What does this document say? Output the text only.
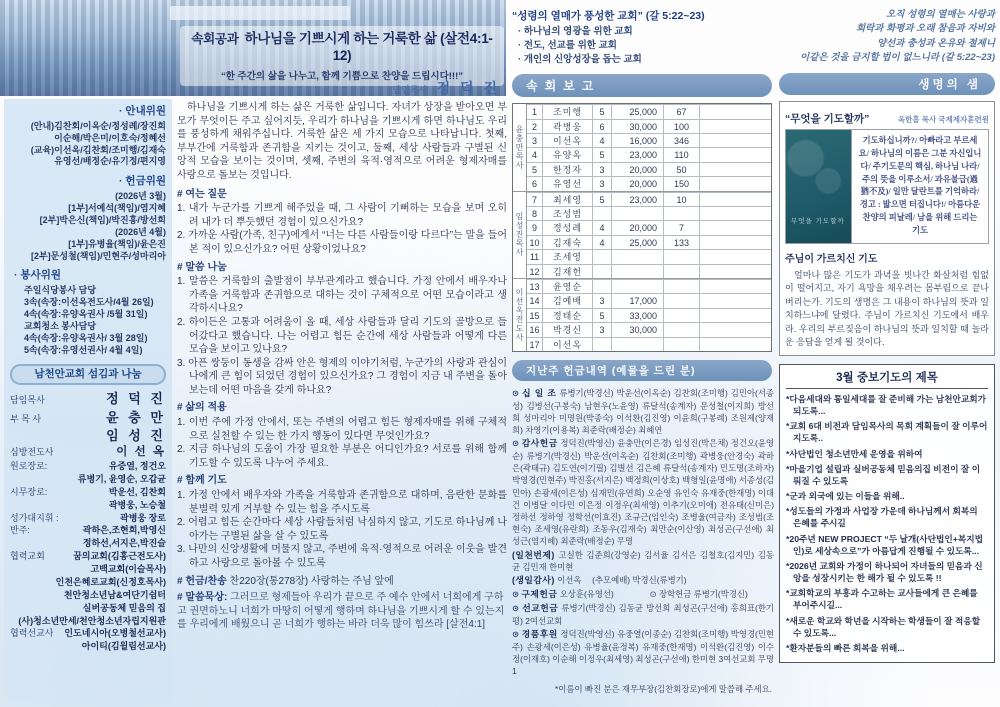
속회공과 하나님을 기쁘시게 하는 거룩한 삶 (살전4:1-12)
“한 주간의 삶을 나누고, 함께 기쁨으로 찬양을 드립시다!!!”
담임목사 정 덕 진
· 안내위원
(안내)김찬회/이옥순/정성례/장진희
이순해/박은미/이호숙/정혜선
(교육)이선옥/김찬회/조미행/김재숙
유영선/배정순/유기정/편지영
· 헌금위원
(2026년 3월)
[1부]서예석(책임)/염지혜
[2부]박은신(책임)/박진홍/방선희
(2026년 4월)
[1부]유병율(책임)/윤은진
[2부]문성철(책임)/민현주/성마리아
· 봉사위원
주일식당봉사 담당
3속(속장:이선옥전도사/4월 26일)
4속(속장:유양옥권사 /5월 31일)
교회청소 봉사담당
4속(속장:유양옥권사/ 3월 28일)
5속(속장:유영선권사/ 4월 4일)
남천안교회 섬김과 나눔
담임목사	정 덕 진
부 목 사	윤 충 만
임 성 진
심방전도사	이 선 옥
원로장로:	유중열, 정건오
류병기, 윤영순, 오갑균
시무장로:	박운선, 김찬회
곽병웅, 노승철
성가대지휘 :	곽병웅 장로
반주:	곽하은,조현희,박영신
정하선,서지은,박진슬
협력교회	꿈의교회(김홍근전도사)
고백교회(이슬목사)
인천은혜로교회(신정호목사)
천안청소년남&여단기쉼터
실버공동체 믿음의 집
(사)청소년만세/천안청소년자립지원관
협력선교사	인도네시아(오병철선교사)
아이티(김윌림선교사)
하나님을 기쁘시게 하는 삶은 거룩한 삶입니다. 자녀가 상장을 받아오면 부모가 무엇이든 주고 싶어지듯, 우리가 하나님을 기쁘시게 하면 하나님도 우리를 풍성하게 채워주십니다. 거룩한 삶은 세 가지 모습으로 나타납니다. 첫째, 부부간에 거룩함과 존귀함을 지키는 것이고, 둘째, 세상 사람들과 구별된 신앙적 모습을 보이는 것이며, 셋째, 주변의 육적·영적으로 어려운 형제자매를 사랑으로 돌보는 것입니다.
# 여는 질문
1. 내가 누군가를 기쁘게 해주었을 때, 그 사람이 기뻐하는 모습을 보며 오히려 내가 더 뿌듯했던 경험이 있으신가요?
2. 가까운 사람(가족, 친구)에게서 “너는 다른 사람들이랑 다르다”는 말을 들어본 적이 있으신가요? 어떤 상황이었나요?
# 말씀 나눔
1. 말씀은 거룩함의 출발점이 부부관계라고 했습니다. 가정 안에서 배우자나 가족을 거룩함과 존귀함으로 대하는 것이 구체적으로 어떤 모습이라고 생각하시나요?
2. 하이든은 고통과 어려움이 올 때, 세상 사람들과 달리 기도의 골방으로 들어갔다고 했습니다. 나는 어렵고 힘든 순간에 세상 사람들과 어떻게 다른 모습을 보이고 있나요?
3. 아픈 쌍둥이 동생을 감싸 안은 형제의 이야기처럼, 누군가의 사랑과 관심이 나에게 큰 힘이 되었던 경험이 있으신가요? 그 경험이 지금 내 주변을 돌아보는데 어떤 마음을 갖게 하나요?
# 삶의 적용
1. 이번 주에 가정 안에서, 또는 주변의 어렵고 힘든 형제자매를 위해 구체적으로 실천할 수 있는 한 가지 행동이 있다면 무엇인가요?
2. 지금 하나님의 도움이 가장 필요한 부분은 어디인가요? 서로를 위해 함께 기도할 수 있도록 나누어 주세요.
# 함께 기도
1. 가정 안에서 배우자와 가족을 거룩함과 존귀함으로 대하며, 음란한 문화를 분별력 있게 거부할 수 있는 힘을 주시도록
2. 어렵고 힘든 순간마다 세상 사람들처럼 낙심하지 않고, 기도로 하나님께 나아가는 구별된 삶을 살 수 있도록
3. 나만의 신앙생활에 머물지 않고, 주변에 육적·영적으로 어려운 이웃을 발견하고 사랑으로 돌아볼 수 있도록
# 헌금/찬송 찬220장(통278장) 사랑하는 주님 앞에
# 말씀묵상: 그러므로 형제들아 우리가 끝으로 주 예수 안에서 너희에게 구하고 권면하노니 너희가 마땅히 어떻게 행하며 하나님을 기쁘시게 할 수 있는지를 우리에게 배웠으니 곧 너희가 행하는 바라 더욱 많이 힘쓰라 [살전4:1]
“성령의 열매가 풍성한 교회” (갈 5:22~23)
· 하나님의 영광을 위한 교회
· 전도, 선교를 위한 교회
· 개인의 신앙성장을 돕는 교회
속회보고
윤충만목사
1	조미행	5	25,000	67
2	곽병웅	6	30,000	100
3	이선옥	4	16,000	346
4	유양옥	5	23,000	110
5	한정자	3	20,000	50
6	유영선	3	20,000	150
임성진목사
7	최세영	5	23,000	10
8	조성범
9	정성례	4	20,000	7
10	김재숙	4	25,000	133
11	조세영
12	김재헌
이선옥전도사
13	윤영순
14	김예배	3	17,000
15	정태순	5	33,000
16	박경신	3	30,000
17	이선옥
지난주 헌금내역 (예물을 드린 분)
⊙ 십 일 조 류병기(박경신) 박운선(이옥순) 김찬회(조미행) 김민아(서종성) 김병선(구봉숙) 남현우(노윤영) 류달석(송계자) 문성철(이지희) 방선희 성마리아 미명원(박종숙) 이석환(김진영) 이윤희(구봉례) 조원제(양재희) 차영기(이용복) 최준락(배정순) 최혜연
⊙ 감사헌금 정덕진(박영신) 윤충만(이은경) 임성진(박은채) 정건오(윤영순) 류병기(박경신) 박운선(이옥순) 김찬회(조미행) 곽병웅(안경숙) 곽하은(곽태규) 김도연(이기필) 김별선 김은혜 류달석(송계자) 민도명(조하자) 박영경(민현주) 박진홍(서지은) 백정희(이상호) 백형일(윤명애) 서종성(김민아) 손광세(이은성) 심재민(유연희) 오순영 유인숙 유재중(한재명) 이대건 이병달 이다민 이은정 이정우(최세영) 이추기(오미애) 전유태(신미은) 정하선 정하영 정학선(이효진) 조규근(임인숙) 조병울(여금자) 조성범(조현숙) 조세영(유란희) 조동우(김재숙) 최만순(이산영) 최성곤(구선애) 최성근(염지혜) 최준락(배정순) 무명
(일천번제) 고실한 김준희(강영순) 김서율 김서은 김철호(김지민) 김동균 김민재 한미현
(생일감사) 이선옥　 (추모예배) 박경신(류병기)
⊙ 구제헌금 오상훈(유영선)　　　　 ⊙ 장학헌금 류병기(박경신)
⊙ 선교헌금 류병기(박경신) 김동균 방선희 최성곤(구선애) 홍희표(한기평) 2여선교회
⊙ 경품후원 정덕진(박영신) 유중열(이종순) 김찬회(조미행) 박영경(민현주) 손광세(이은성) 유병율(윤정복) 유재중(한재명) 이석환(김진영) 이수정(이재호) 이순해 이정우(최세영) 최성곤(구선애) 한미현 3여선교회 무명1
*이름이 빠진 분은 재무부장(김찬회장로)에게 말씀해 주세요.
오직 성령의 열매는 사랑과
희락과 화평과 오래 참음과 자비와
양선과 충성과 온유와 절제니
이같은 것을 금지할 법이 없느니라 (갈 5:22~23)
생명의 샘
“무엇을 기도할까”	옥한흠 목사 국제제자훈련원
무엇을 기도할까
기도하십니까?/ 아빠라고 부르세요/ 하나님의 이름은 그분 자신입니다/ 주기도문의 핵심, 하나님 나라/ 주의 뜻을 이루소서/ 과유불급(過猶不及)/ 일만 달란트를 기억하라/ 경고 : 밟으면 터집니다!/ 아름다운 찬양의 피날레/ 남을 위해 드리는 기도
주님이 가르치신 기도
얼마나 많은 기도가 과녁을 빗나간 화살처럼 힘없이 떨어지고, 자기 욕망을 채우려는 몸부림으로 끝나버리는가. 기도의 생명은 그 내용이 하나님의 뜻과 일치하느냐에 달렸다. 주님이 가르치신 기도에서 배우라. 우리의 부르짖음이 하나님의 뜻과 일치할 때 놀라운 응답을 얻게 될 것이다.
3월 중보기도의 제목
*다음세대와 통일세대를 잘 준비해 가는 남천안교회가 되도록...
*교회 6대 비전과 담임목사의 목회 계획들이 잘 이루어지도록..
*사단법인 청소년만세 운영을 위하여
*마을기업 설립과 실버공동체 믿음의집 비전이 잘 이뤄질 수 있도록
*군과 외국에 있는 이들을 위해..
*성도들의 가정과 사업장 가운데 하나님께서 회복의 은혜를 주시길
*20주년 NEW PROJECT “두 날개(사단법인+복지법인)로 세상속으로”가 아름답게 진행될 수 있도록...
*2026년 교회와 가정이 하나되어 자녀들의 믿음과 신앙을 성장시키는 한 해가 될 수 있도록 !!
*교회학교의 부흥과 수고하는 교사들에게 큰 은혜를 부어주시길...
*새로운 학교와 학년을 시작하는 학생들이 잘 적응할 수 있도록...
*환자분들의 빠른 회복을 위해...
